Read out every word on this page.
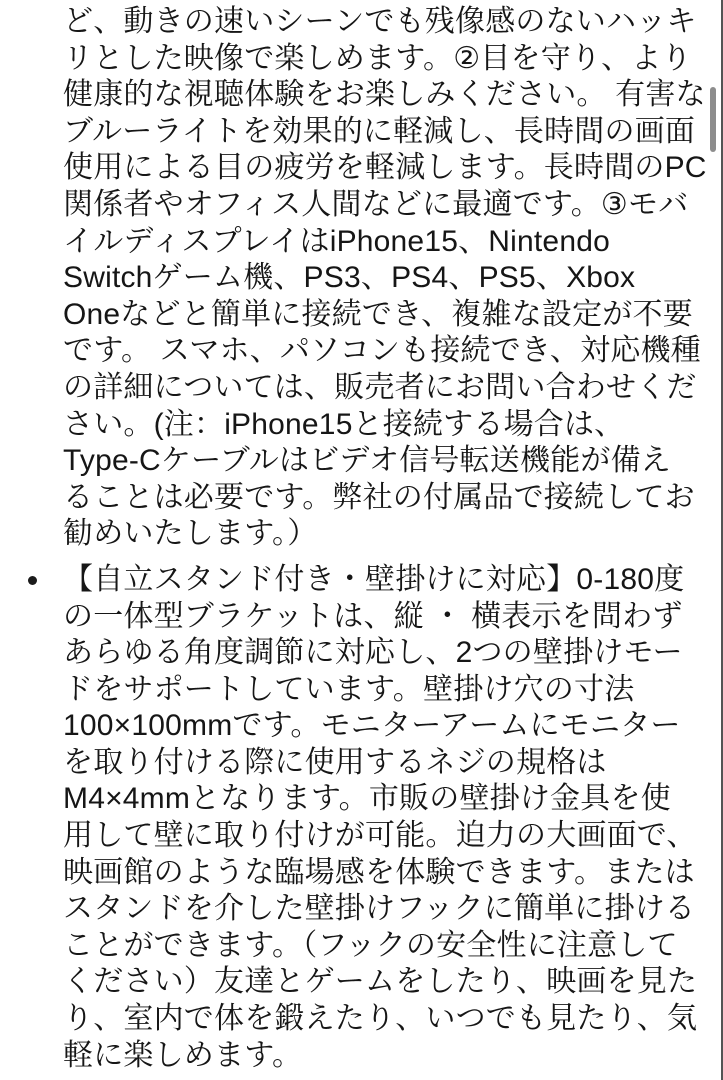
ど、動きの速いシーンでも残像感のないハッキ
リとした映像で楽しめます。②目を守り、より
健康的な視聴体験をお楽しみください。 有害な
ブルーライトを効果的に軽減し、長時間の画面
使用による目の疲労を軽減します。長時間のPC
関係者やオフィス人間などに最適です。③モバ
イルディスプレイはiPhone15、Nintendo
Switchゲーム機、PS3、PS4、PS5、Xbox
Oneなどと簡単に接続でき、複雑な設定が不要
です。 スマホ、パソコンも接続でき、対応機種
の詳細については、販売者にお問い合わせくだ
さい。(注：iPhone15と接続する場合は、
Type-Cケーブルはビデオ信号転送機能が備え
ることは必要です。弊社の付属品で接続してお
勧めいたします。）
【自立スタンド付き・壁掛けに対応】0-180度
の一体型ブラケットは、縦 ・ 横表示を問わず
あらゆる角度調節に対応し、2つの壁掛けモー
ドをサポートしています。壁掛け穴の寸法
100×100mmです。モニターアームにモニター
を取り付ける際に使用するネジの規格は
M4×4mmとなります。市販の壁掛け金具を使
用して壁に取り付けが可能。迫力の大画面で、
映画館のような臨場感を体験できます。または
スタンドを介した壁掛けフックに簡単に掛ける
ことができます。（フックの安全性に注意して
ください）友達とゲームをしたり、映画を見た
り、室内で体を鍛えたり、いつでも見たり、気
軽に楽しめます。
